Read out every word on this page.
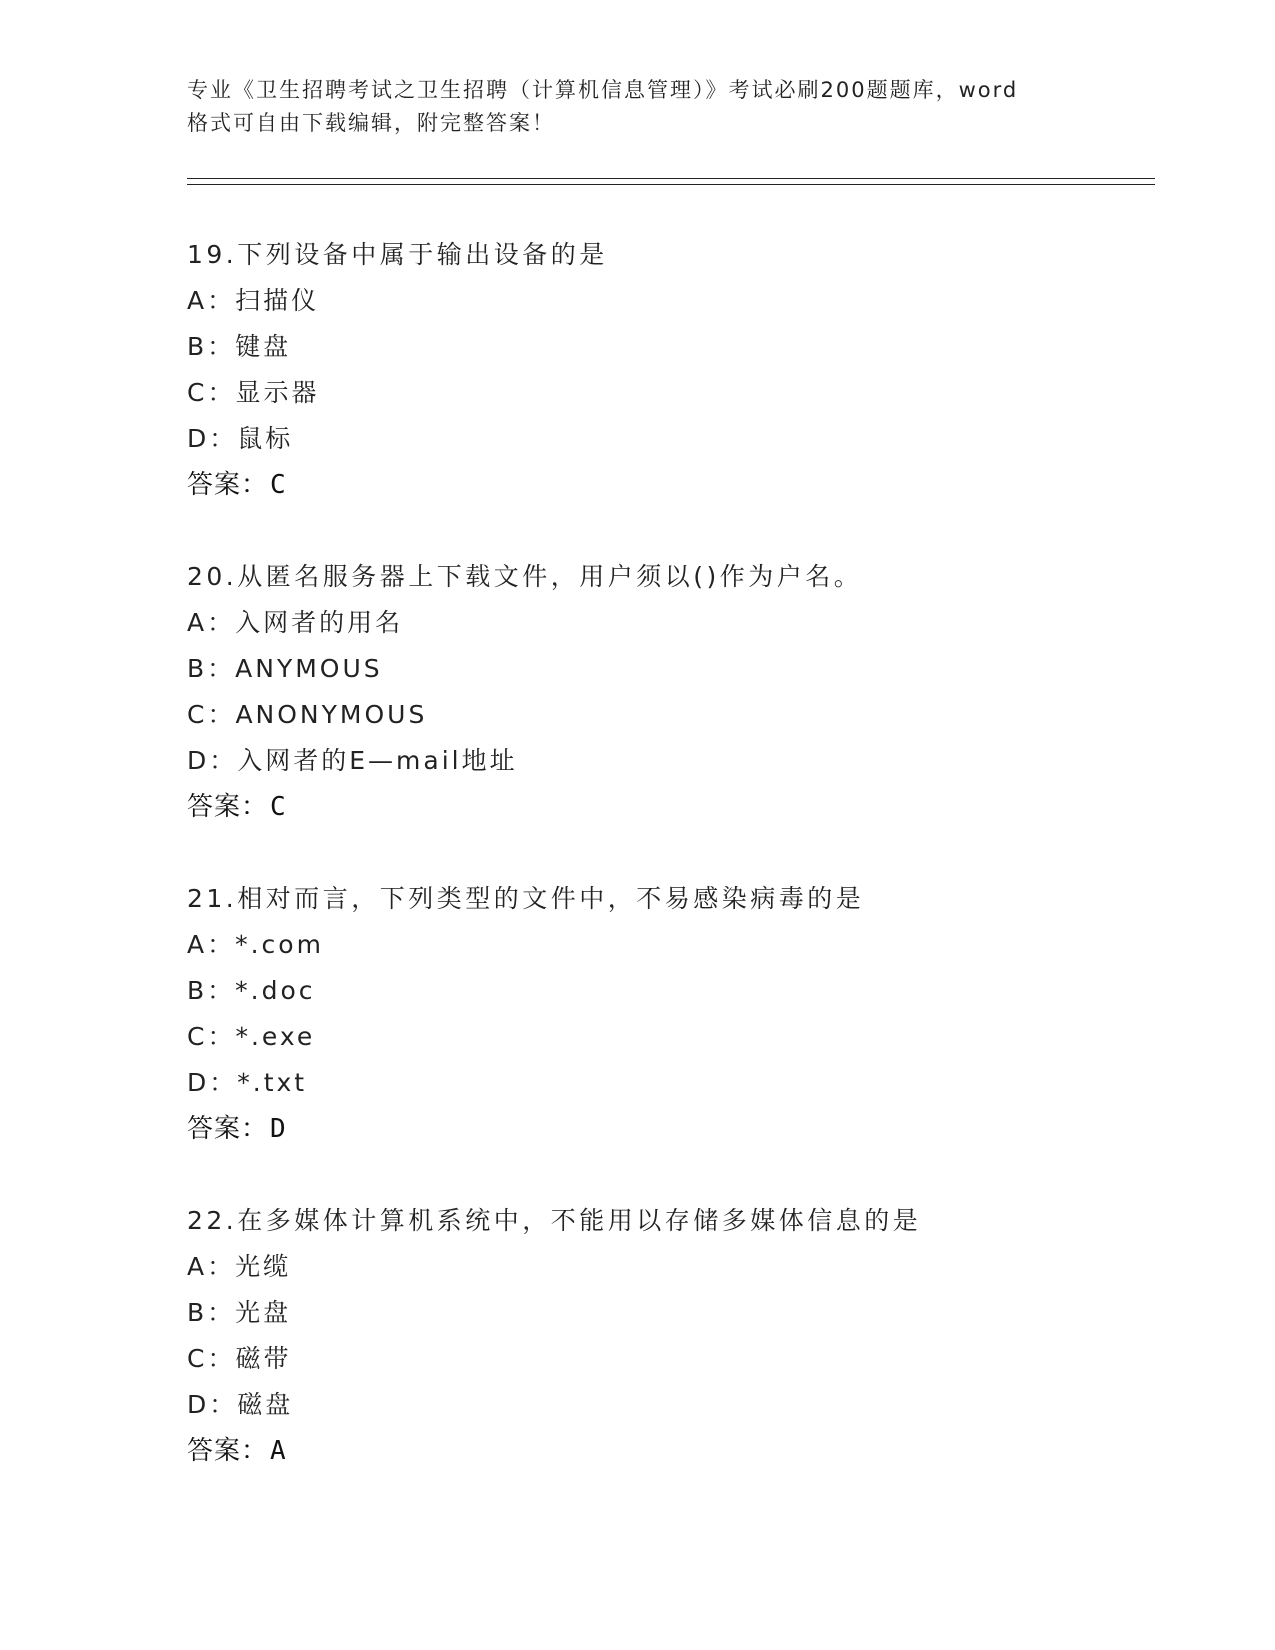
专业《卫生招聘考试之卫生招聘（计算机信息管理）》考试必刷200题题库，word
格式可自由下载编辑，附完整答案！
19.下列设备中属于输出设备的是
A：扫描仪
B：键盘
C：显示器
D：鼠标
答案：C
20.从匿名服务器上下载文件，用户须以()作为户名。
A：入网者的用名
B：ANYMOUS
C：ANONYMOUS
D：入网者的E—mail地址
答案：C
21.相对而言，下列类型的文件中，不易感染病毒的是
A：*.com
B：*.doc
C：*.exe
D：*.txt
答案：D
22.在多媒体计算机系统中，不能用以存储多媒体信息的是
A：光缆
B：光盘
C：磁带
D：磁盘
答案：A
